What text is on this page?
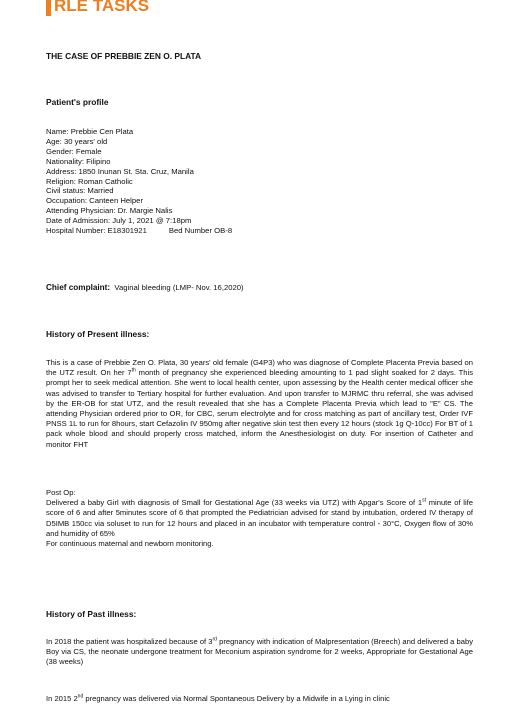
RLE TASKS
THE CASE OF PREBBIE ZEN O. PLATA
Patient's profile
Name: Prebbie Cen Plata
Age: 30 years' old
Gender: Female
Nationality: Filipino
Address: 1850 Inunan St. Sta. Cruz, Manila
Religion: Roman Catholic
Civil status: Married
Occupation: Canteen Helper
Attending Physician: Dr. Margie Nalis
Date of Admission: July 1, 2021 @ 7:18pm
Hospital Number: E18301921	Bed Number OB-8
Chief complaint: Vaginal bleeding (LMP- Nov. 16,2020)
History of Present illness:
This is a case of Prebbie Zen O. Plata, 30 years' old female (G4P3) who was diagnose of Complete Placenta Previa based on the UTZ result. On her 7th month of pregnancy she experienced bleeding amounting to 1 pad slight soaked for 2 days. This prompt her to seek medical attention. She went to local health center, upon assessing by the Health center medical officer she was advised to transfer to Tertiary hospital for further evaluation. And upon transfer to MJRMC thru referral, she was advised by the ER-OB for stat UTZ, and the result revealed that she has a Complete Placenta Previa which lead to "E" CS. The attending Physician ordered prior to OR, for CBC, serum electrolyte and for cross matching as part of ancillary test, Order IVF PNSS 1L to run for 8hours, start Cefazolin IV 950mg after negative skin test then every 12 hours (stock 1g Q-10cc) For BT of 1 pack whole blood and should properly cross matched, inform the Anesthesiologist on duty. For insertion of Catheter and monitor FHT
Post Op:
Delivered a baby Girl with diagnosis of Small for Gestational Age (33 weeks via UTZ) with Apgar's Score of 1st minute of life score of 6 and after 5minutes score of 6 that prompted the Pediatrician advised for stand by intubation, ordered IV therapy of D5IMB 150cc via soluset to run for 12 hours and placed in an incubator with temperature control - 30°C, Oxygen flow of 30% and humidity of 65%
For continuous maternal and newborn monitoring.
History of Past illness:
In 2018 the patient was hospitalized because of 3rd pregnancy with indication of Malpresentation (Breech) and delivered a baby Boy via CS, the neonate undergone treatment for Meconium aspiration syndrome for 2 weeks, Appropriate for Gestational Age (38 weeks)
In 2015 2nd pregnancy was delivered via Normal Spontaneous Delivery by a Midwife in a Lying in clinic
